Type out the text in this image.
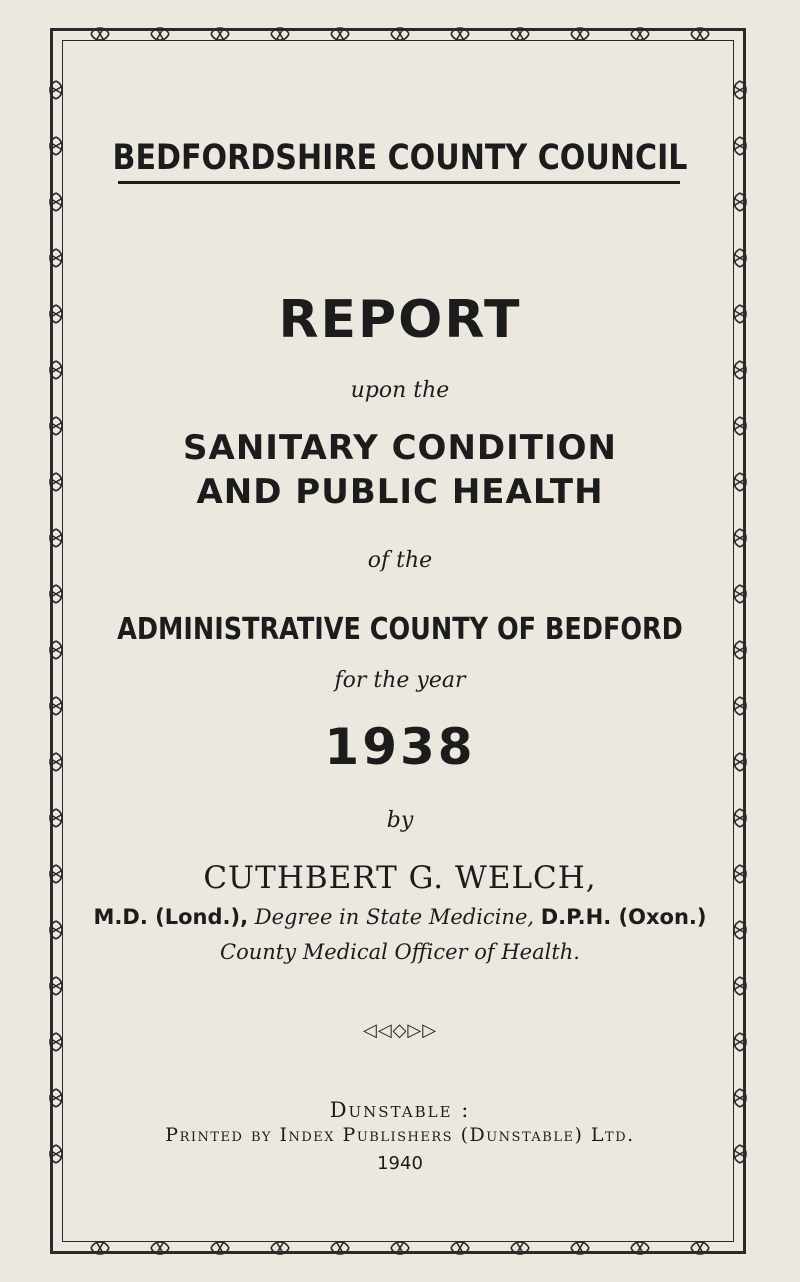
BEDFORDSHIRE COUNTY COUNCIL
REPORT
upon the
SANITARY CONDITION
AND PUBLIC HEALTH
of the
ADMINISTRATIVE COUNTY OF BEDFORD
for the year
1938
by
CUTHBERT G. WELCH,
M.D. (Lond.), Degree in State Medicine, D.P.H. (Oxon.)
County Medical Officer of Health.
◁◁◇▷▷
Dunstable :
Printed by Index Publishers (Dunstable) Ltd.
1940
